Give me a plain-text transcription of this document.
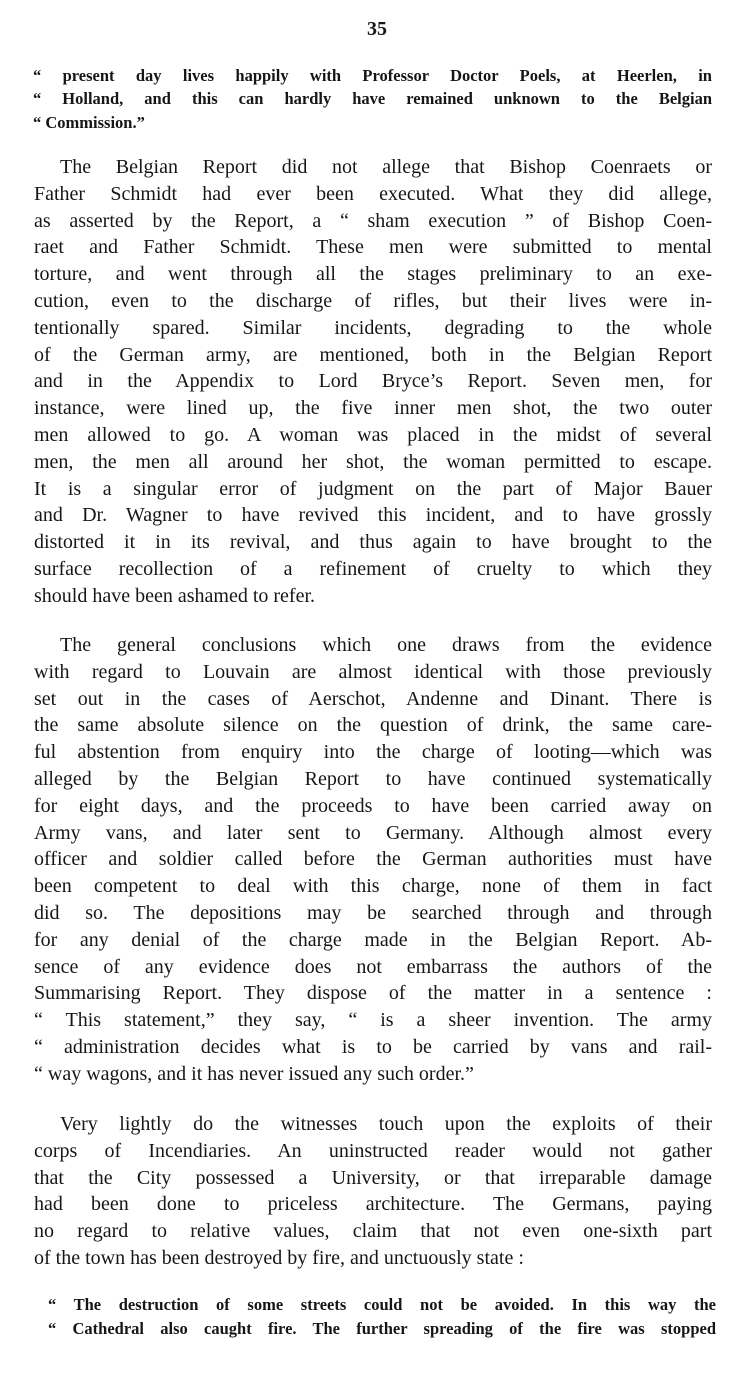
35
“ present day lives happily with Professor Doctor Poels, at Heerlen, in
“ Holland, and this can hardly have remained unknown to the Belgian
“ Commission.”
The Belgian Report did not allege that Bishop Coenraets or
Father Schmidt had ever been executed. What they did allege,
as asserted by the Report, a “ sham execution ” of Bishop Coen-
raet and Father Schmidt. These men were submitted to mental
torture, and went through all the stages preliminary to an exe-
cution, even to the discharge of rifles, but their lives were in-
tentionally spared. Similar incidents, degrading to the whole
of the German army, are mentioned, both in the Belgian Report
and in the Appendix to Lord Bryce’s Report. Seven men, for
instance, were lined up, the five inner men shot, the two outer
men allowed to go. A woman was placed in the midst of several
men, the men all around her shot, the woman permitted to escape.
It is a singular error of judgment on the part of Major Bauer
and Dr. Wagner to have revived this incident, and to have grossly
distorted it in its revival, and thus again to have brought to the
surface recollection of a refinement of cruelty to which they
should have been ashamed to refer.
The general conclusions which one draws from the evidence
with regard to Louvain are almost identical with those previously
set out in the cases of Aerschot, Andenne and Dinant. There is
the same absolute silence on the question of drink, the same care-
ful abstention from enquiry into the charge of looting—which was
alleged by the Belgian Report to have continued systematically
for eight days, and the proceeds to have been carried away on
Army vans, and later sent to Germany. Although almost every
officer and soldier called before the German authorities must have
been competent to deal with this charge, none of them in fact
did so. The depositions may be searched through and through
for any denial of the charge made in the Belgian Report. Ab-
sence of any evidence does not embarrass the authors of the
Summarising Report. They dispose of the matter in a sentence :
“ This statement,” they say, “ is a sheer invention. The army
“ administration decides what is to be carried by vans and rail-
“ way wagons, and it has never issued any such order.”
Very lightly do the witnesses touch upon the exploits of their
corps of Incendiaries. An uninstructed reader would not gather
that the City possessed a University, or that irreparable damage
had been done to priceless architecture. The Germans, paying
no regard to relative values, claim that not even one-sixth part
of the town has been destroyed by fire, and unctuously state :
“ The destruction of some streets could not be avoided. In this way the
“ Cathedral also caught fire. The further spreading of the fire was stopped
